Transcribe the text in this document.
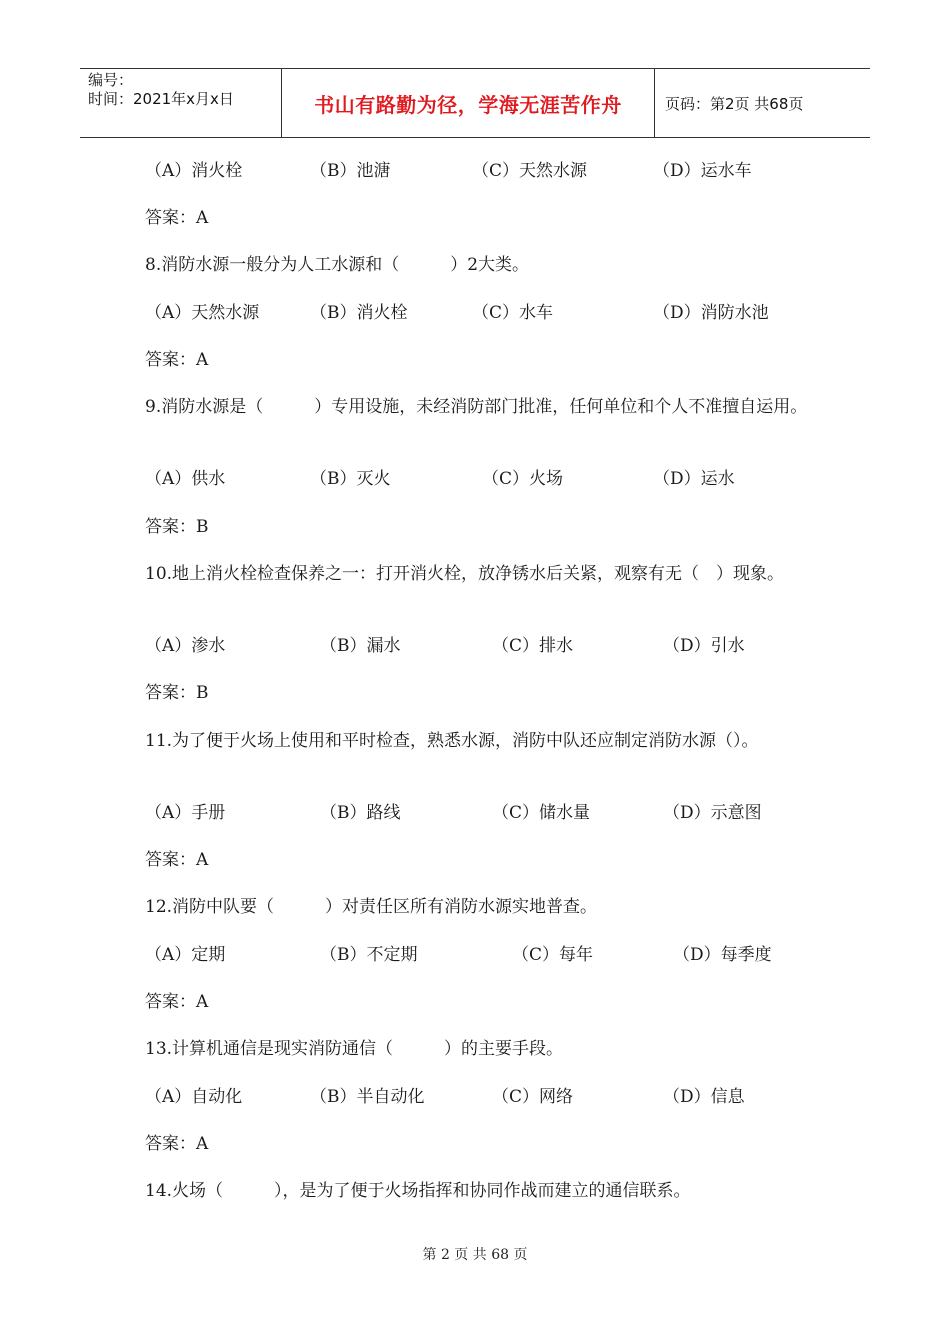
编号：
时间：2021年x月x日	书山有路勤为径，学海无涯苦作舟	页码：第2页 共68页
（A）消火栓	（B）池溏	（C）天然水源	（D）运水车
答案：A
8.消防水源一般分为人工水源和（　　　）2大类。
（A）天然水源	（B）消火栓	（C）水车	（D）消防水池
答案：A
9.消防水源是（　　　）专用设施，未经消防部门批准，任何单位和个人不准擅自运用。
（A）供水	（B）灭火	（C）火场	（D）运水
答案：B
10.地上消火栓检查保养之一：打开消火栓，放净锈水后关紧，观察有无（　）现象。
（A）渗水	（B）漏水	（C）排水	（D）引水
答案：B
11.为了便于火场上使用和平时检查，熟悉水源，消防中队还应制定消防水源（）。
（A）手册	（B）路线	（C）储水量	（D）示意图
答案：A
12.消防中队要（　　　）对责任区所有消防水源实地普查。
（A）定期	（B）不定期	（C）每年	（D）每季度
答案：A
13.计算机通信是现实消防通信（　　　）的主要手段。
（A）自动化	（B）半自动化	（C）网络	（D）信息
答案：A
14.火场（　　　），是为了便于火场指挥和协同作战而建立的通信联系。
第 2 页 共 68 页
